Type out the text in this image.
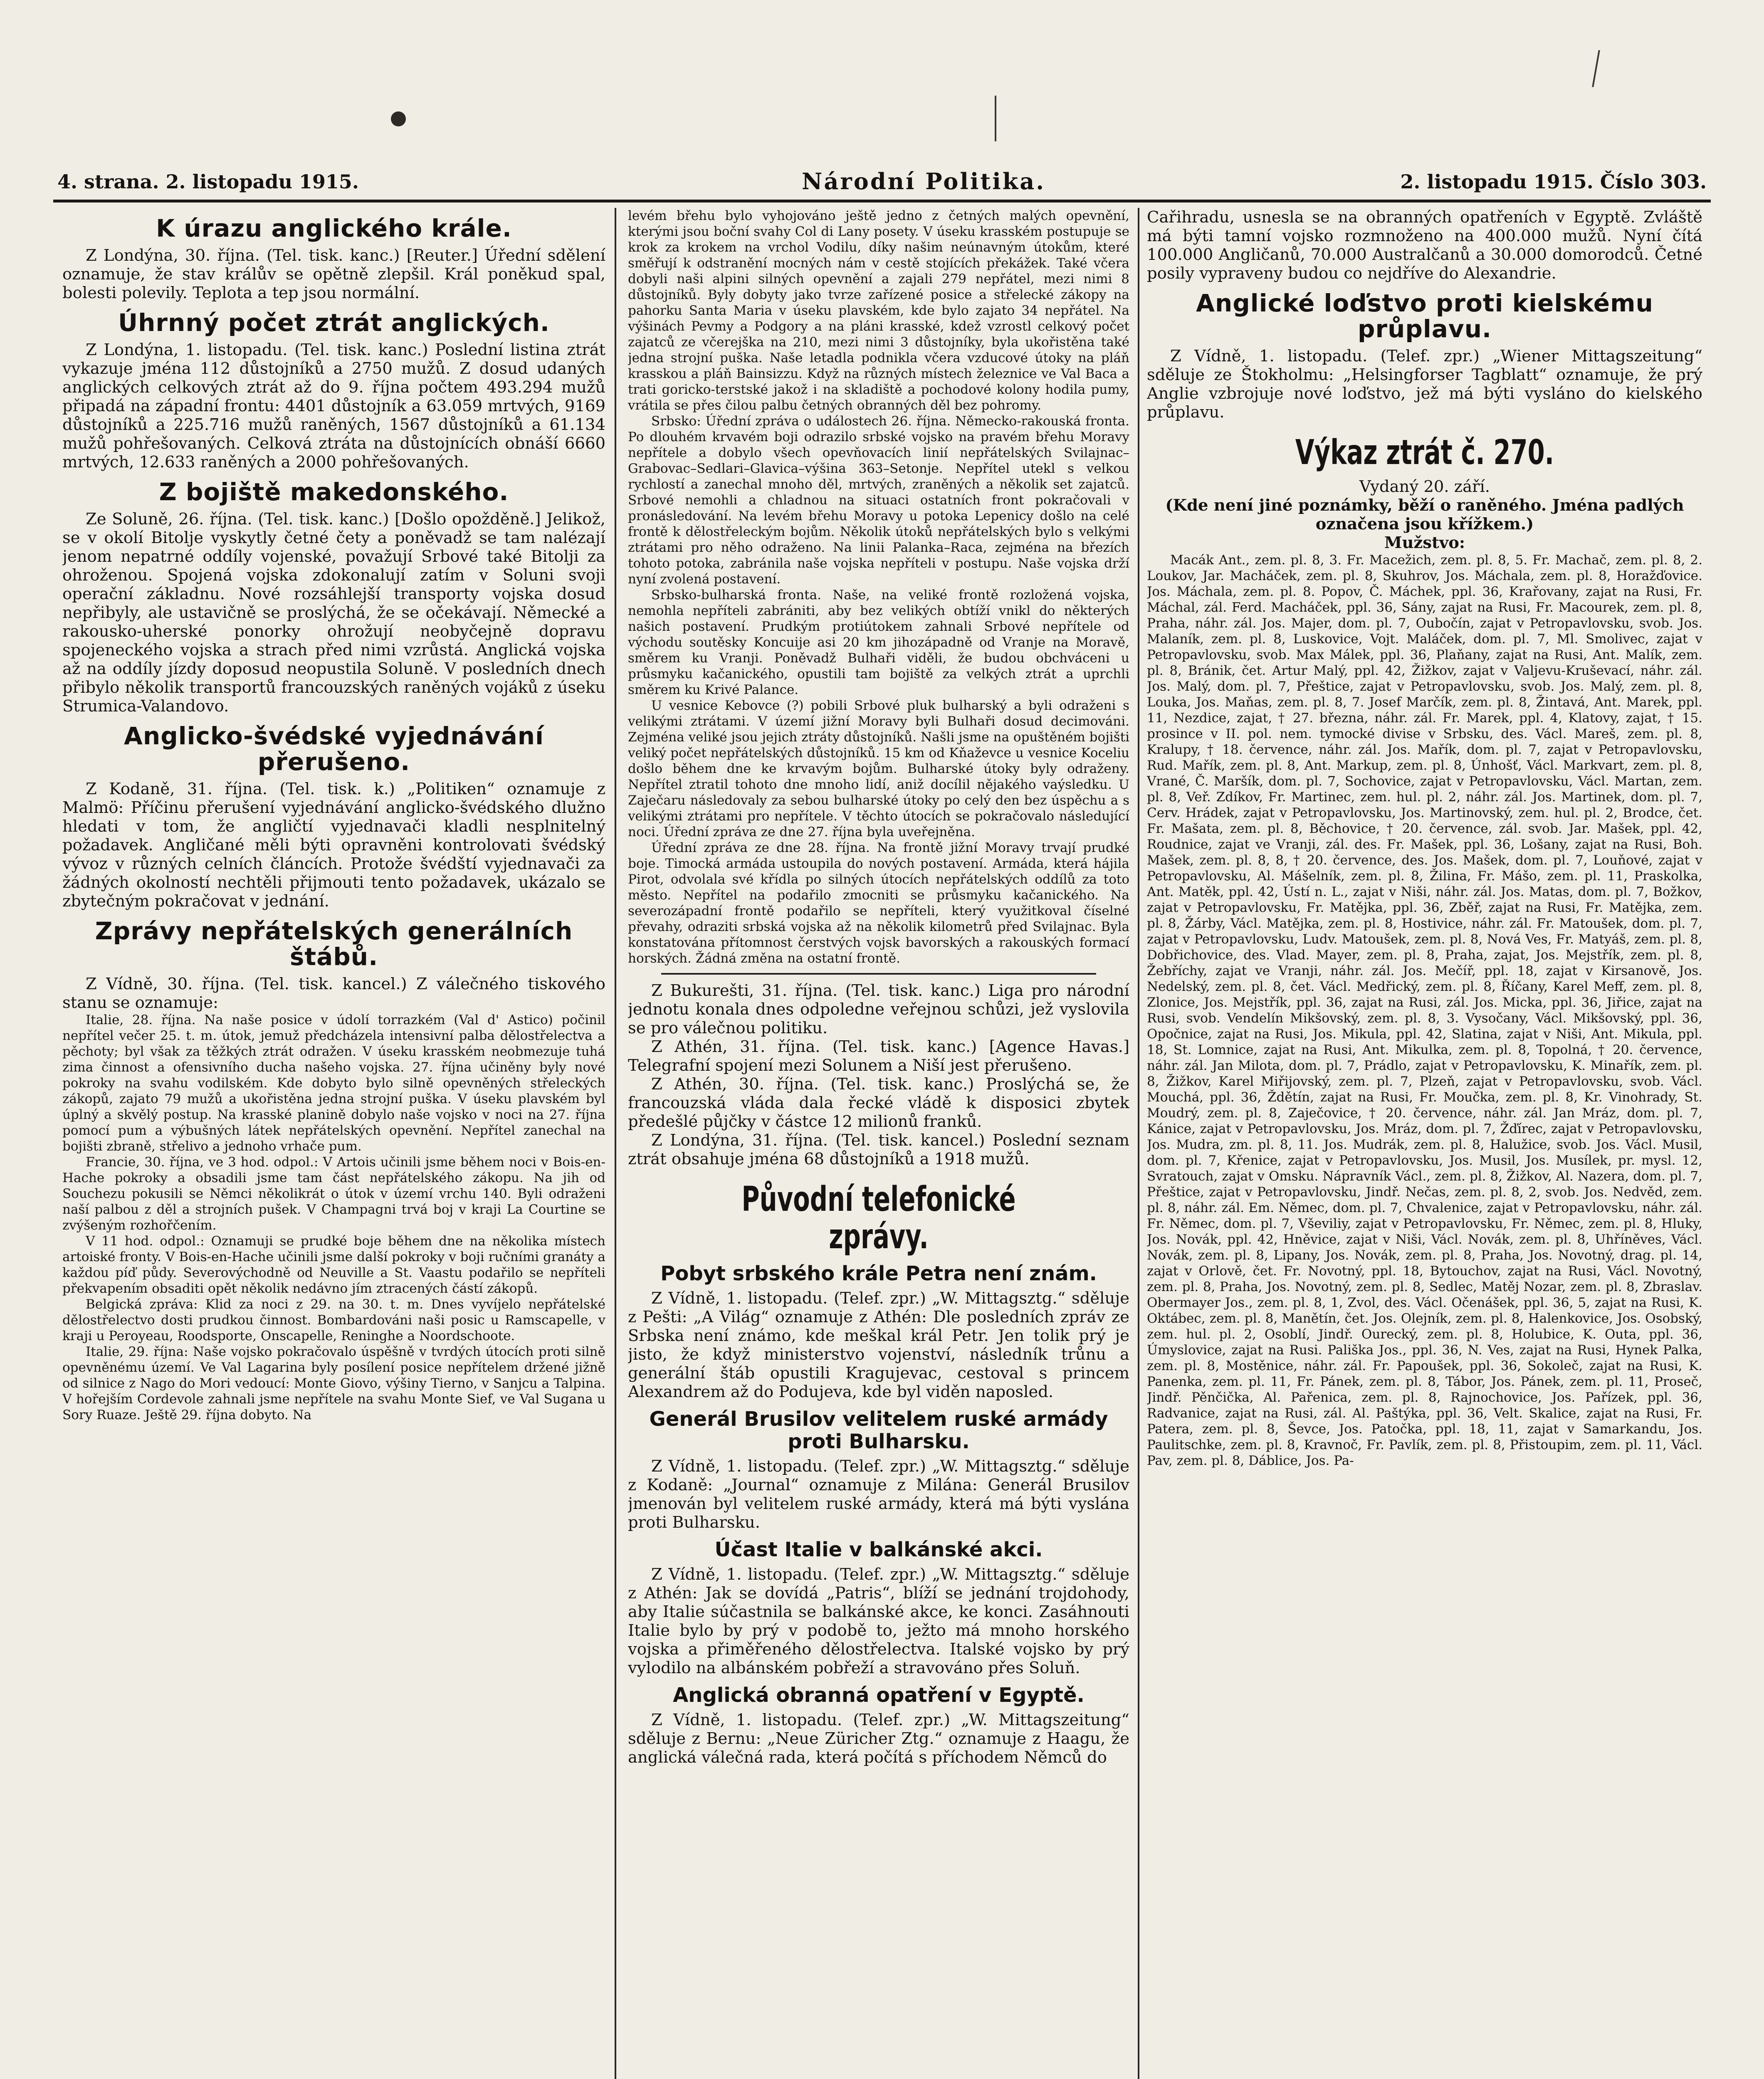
4. strana. 2. listopadu 1915.	Národní Politika.	2. listopadu 1915. Číslo 303.
K úrazu anglického krále.

Z Londýna, 30. října. (Tel. tisk. kanc.) [Reuter.] Úřední sdělení oznamuje, že stav králův se opětně zlepšil. Král poněkud spal, bolesti polevily. Teplota a tep jsou normální.

Úhrnný počet ztrát anglických.

Z Londýna, 1. listopadu. (Tel. tisk. kanc.) Poslední listina ztrát vykazuje jména 112 důstojníků a 2750 mužů. Z dosud udaných anglických celkových ztrát až do 9. října počtem 493.294 mužů připadá na západní frontu: 4401 důstojník a 63.059 mrtvých, 9169 důstojníků a 225.716 mužů raněných, 1567 důstojníků a 61.134 mužů pohřešovaných. Celková ztráta na důstojnících obnáší 6660 mrtvých, 12.633 raněných a 2000 pohřešovaných.

Z bojiště makedonského.

Ze Soluně, 26. října. (Tel. tisk. kanc.) [Došlo opožděně.] Jelikož, se v okolí Bitolje vyskytly četné čety a poněvadž se tam nalézají jenom nepatrné oddíly vojenské, považují Srbové také Bitolji za ohroženou. Spojená vojska zdokonalují zatím v Soluni svoji operační základnu. Nové rozsáhlejší transporty vojska dosud nepřibyly, ale ustavičně se proslýchá, že se očekávají. Německé a rakousko-uherské ponorky ohrožují neobyčejně dopravu spojeneckého vojska a strach před nimi vzrůstá. Anglická vojska až na oddíly jízdy doposud neopustila Soluně. V posledních dnech přibylo několik transportů francouzských raněných vojáků z úseku Strumica-Valandovo.

Anglicko-švédské vyjednávání přerušeno.

Z Kodaně, 31. října. (Tel. tisk. k.) „Politiken“ oznamuje z Malmö: Příčinu přerušení vyjednávání anglicko-švédského dlužno hledati v tom, že angličtí vyjednavači kladli nesplnitelný požadavek. Angličané měli býti opravněni kontrolovati švédský vývoz v různých celních článcích. Protože švédští vyjednavači za žádných okolností nechtěli přijmouti tento požadavek, ukázalo se zbytečným pokračovat v jednání.

Zprávy nepřátelských generálních štábů.

Z Vídně, 30. října. (Tel. tisk. kancel.) Z válečného tiskového stanu se oznamuje:

Italie, 28. října. Na naše posice v údolí torrazkém (Val d' Astico) počinil nepřítel večer 25. t. m. útok, jemuž předcházela intensivní palba dělostřelectva a pěchoty; byl však za těžkých ztrát odražen. V úseku krasském neobmezuje tuhá zima činnost a ofensivního ducha našeho vojska. 27. října učiněny byly nové pokroky na svahu vodilském. Kde dobyto bylo silně opevněných střeleckých zákopů, zajato 79 mužů a ukořistěna jedna strojní puška. V úseku plavském byl úplný a skvělý postup. Na krasské planině dobylo naše vojsko v noci na 27. října pomocí pum a výbušných látek nepřátelských opevnění. Nepřítel zanechal na bojišti zbraně, střelivo a jednoho vrhače pum.

Francie, 30. října, ve 3 hod. odpol.: V Artois učinili jsme během noci v Bois-en-Hache pokroky a obsadili jsme tam část nepřátelského zákopu. Na jih od Souchezu pokusili se Němci několikrát o útok v území vrchu 140. Byli odraženi naší palbou z děl a strojních pušek. V Champagni trvá boj v kraji La Courtine se zvýšeným rozhořčením.

V 11 hod. odpol.: Oznamuji se prudké boje během dne na několika místech artoiské fronty. V Bois-en-Hache učinili jsme další pokroky v boji ručními granáty a každou píď půdy. Severovýchodně od Neuville a St. Vaastu podařilo se nepříteli překvapením obsaditi opět několik nedávno jím ztracených částí zákopů.

Belgická zpráva: Klid za noci z 29. na 30. t. m. Dnes vyvíjelo nepřátelské dělostřelectvo dosti prudkou činnost. Bombardováni naši posic u Ramscapelle, v kraji u Peroyeau, Roodsporte, Onscapelle, Reninghe a Noordschoote.

Italie, 29. října: Naše vojsko pokračovalo úspěšně v tvrdých útocích proti silně opevněnému území. Ve Val Lagarina byly posílení posice nepřítelem držené jižně od silnice z Nago do Mori vedoucí: Monte Giovo, výšiny Tierno, v Sanjcu a Talpina. V hořejším Cordevole zahnali jsme nepřítele na svahu Monte Sief, ve Val Sugana u Sory Ruaze. Ještě 29. října dobyto. Na

levém břehu bylo vyhojováno ještě jedno z četných malých opevnění, kterými jsou boční svahy Col di Lany posety. V úseku krasském postupuje se krok za krokem na vrchol Vodilu, díky našim neúnavným útokům, které směřují k odstranění mocných nám v cestě stojících překážek. Také včera dobyli naši alpini silných opevnění a zajali 279 nepřátel, mezi nimi 8 důstojníků. Byly dobyty jako tvrze zařízené posice a střelecké zákopy na pahorku Santa Maria v úseku plavském, kde bylo zajato 34 nepřátel. Na výšinách Pevmy a Podgory a na pláni krasské, kdež vzrostl celkový počet zajatců ze včerejška na 210, mezi nimi 3 důstojníky, byla ukořistěna také jedna strojní puška. Naše letadla podnikla včera vzducové útoky na pláň krasskou a pláň Bainsizzu. Když na různých místech železnice ve Val Baca a trati goricko-terstské jakož i na skladiště a pochodové kolony hodila pumy, vrátila se přes čilou palbu četných obranných děl bez pohromy.

Srbsko: Úřední zpráva o událostech 26. října. Německo-rakouská fronta. Po dlouhém krvavém boji odrazilo srbské vojsko na pravém břehu Moravy nepřítele a dobylo všech opevňovacích linií nepřátelských Svilajnac–Grabovac–Sedlari–Glavica–výšina 363–Setonje. Nepřítel utekl s velkou rychlostí a zanechal mnoho děl, mrtvých, zraněných a několik set zajatců. Srbové nemohli a chladnou na situaci ostatních front pokračovali v pronásledování. Na levém břehu Moravy u potoka Lepenicy došlo na celé frontě k dělostřeleckým bojům. Několik útoků nepřátelských bylo s velkými ztrátami pro něho odraženo. Na linii Palanka–Raca, zejména na březích tohoto potoka, zabránila naše vojska nepříteli v postupu. Naše vojska drží nyní zvolená postavení.

Srbsko-bulharská fronta. Naše, na veliké frontě rozložená vojska, nemohla nepříteli zabrániti, aby bez velikých obtíží vnikl do některých našich postavení. Prudkým protiútokem zahnali Srbové nepřítele od východu soutěsky Koncuije asi 20 km jihozápadně od Vranje na Moravě, směrem ku Vranji. Poněvadž Bulhaři viděli, že budou obchváceni u průsmyku kačanického, opustili tam bojiště za velkých ztrát a uprchli směrem ku Krivé Palance.

U vesnice Kebovce (?) pobili Srbové pluk bulharský a byli odraženi s velikými ztrátami. V území jižní Moravy byli Bulhaři dosud decimováni. Zejména veliké jsou jejich ztráty důstojníků. Našli jsme na opuštěném bojišti veliký počet nepřátelských důstojníků. 15 km od Kňaževce u vesnice Koceliu došlo během dne ke krvavým bojům. Bulharské útoky byly odraženy. Nepřítel ztratil tohoto dne mnoho lidí, aniž docílil nějakého vaýsledku. U Zaječaru následovaly za sebou bulharské útoky po celý den bez úspěchu a s velikými ztrátami pro nepřítele. V těchto útocích se pokračovalo následující noci. Úřední zpráva ze dne 27. října byla uveřejněna.

Úřední zpráva ze dne 28. října. Na frontě jižní Moravy trvají prudké boje. Timocká armáda ustoupila do nových postavení. Armáda, která hájila Pirot, odvolala své křídla po silných útocích nepřátelských oddílů za toto město. Nepřítel na podařilo zmocniti se průsmyku kačanického. Na severozápadní frontě podařilo se nepříteli, který využitkoval číselné převahy, odraziti srbská vojska až na několik kilometrů před Svilajnac. Byla konstatována přítomnost čerstvých vojsk bavorských a rakouských formací horských. Žádná změna na ostatní frontě.

Z Bukurešti, 31. října. (Tel. tisk. kanc.) Liga pro národní jednotu konala dnes odpoledne veřejnou schůzi, jež vyslovila se pro válečnou politiku.

Z Athén, 31. října. (Tel. tisk. kanc.) [Agence Havas.] Telegrafní spojení mezi Solunem a Niší jest přerušeno.

Z Athén, 30. října. (Tel. tisk. kanc.) Proslýchá se, že francouzská vláda dala řecké vládě k disposici zbytek předešlé půjčky v částce 12 milionů franků.

Z Londýna, 31. října. (Tel. tisk. kancel.) Poslední seznam ztrát obsahuje jména 68 důstojníků a 1918 mužů.

Původní telefonické zprávy.
Pobyt srbského krále Petra není znám.

Z Vídně, 1. listopadu. (Telef. zpr.) „W. Mittagsztg.“ sděluje z Pešti: „A Világ“ oznamuje z Athén: Dle posledních zpráv ze Srbska není známo, kde meškal král Petr. Jen tolik prý je jisto, že když ministerstvo vojenství, následník trůnu a generální štáb opustili Kragujevac, cestoval s princem Alexandrem až do Podujeva, kde byl viděn naposled.

Generál Brusilov velitelem ruské armády proti Bulharsku.

Z Vídně, 1. listopadu. (Telef. zpr.) „W. Mittagsztg.“ sděluje z Kodaně: „Journal“ oznamuje z Milána: Generál Brusilov jmenován byl velitelem ruské armády, která má býti vyslána proti Bulharsku.

Účast Italie v balkánské akci.

Z Vídně, 1. listopadu. (Telef. zpr.) „W. Mittagsztg.“ sděluje z Athén: Jak se dovídá „Patris“, blíží se jednání trojdohody, aby Italie súčastnila se balkánské akce, ke konci. Zasáhnouti Italie bylo by prý v podobě to, ježto má mnoho horského vojska a přiměřeného dělostřelectva. Italské vojsko by prý vylodilo na albánském pobřeží a stravováno přes Soluň.

Anglická obranná opatření v Egyptě.

Z Vídně, 1. listopadu. (Telef. zpr.) „W. Mittagszeitung“ sděluje z Bernu: „Neue Züricher Ztg.“ oznamuje z Haagu, že anglická válečná rada, která počítá s příchodem Němců do

Cařihradu, usnesla se na obranných opatřeních v Egyptě. Zvláště má býti tamní vojsko rozmnoženo na 400.000 mužů. Nyní čítá 100.000 Angličanů, 70.000 Australčanů a 30.000 domorodců. Četné posily vypraveny budou co nejdříve do Alexandrie.

Anglické loďstvo proti kielskému průplavu.

Z Vídně, 1. listopadu. (Telef. zpr.) „Wiener Mittagszeitung“ sděluje ze Štokholmu: „Helsingforser Tagblatt“ oznamuje, že prý Anglie vzbrojuje nové loďstvo, jež má býti vysláno do kielského průplavu.

Výkaz ztrát č. 270.

Vydaný 20. září.

(Kde není jiné poznámky, běží o raněného. Jména padlých označena jsou křížkem.)

Mužstvo:

Macák Ant., zem. pl. 8, 3. Fr. Macežich, zem. pl. 8, 5. Fr. Machač, zem. pl. 8, 2. Loukov, Jar. Macháček, zem. pl. 8, Skuhrov, Jos. Máchala, zem. pl. 8, Horažďovice. Jos. Máchala, zem. pl. 8. Popov, Č. Máchek, ppl. 36, Krařovany, zajat na Rusi, Fr. Máchal, zál. Ferd. Macháček, ppl. 36, Sány, zajat na Rusi, Fr. Macourek, zem. pl. 8, Praha, náhr. zál. Jos. Majer, dom. pl. 7, Oubočín, zajat v Petropavlovsku, svob. Jos. Malaník, zem. pl. 8, Luskovice, Vojt. Maláček, dom. pl. 7, Ml. Smolivec, zajat v Petropavlovsku, svob. Max Málek, ppl. 36, Plaňany, zajat na Rusi, Ant. Malík, zem. pl. 8, Bránik, čet. Artur Malý, ppl. 42, Žižkov, zajat v Valjevu-Kruševací, náhr. zál. Jos. Malý, dom. pl. 7, Přeštice, zajat v Petropavlovsku, svob. Jos. Malý, zem. pl. 8, Louka, Jos. Maňas, zem. pl. 8, 7. Josef Marčík, zem. pl. 8, Žintavá, Ant. Marek, ppl. 11, Nezdice, zajat, † 27. března, náhr. zál. Fr. Marek, ppl. 4, Klatovy, zajat, † 15. prosince v II. pol. nem. tymocké divise v Srbsku, des. Václ. Mareš, zem. pl. 8, Kralupy, † 18. července, náhr. zál. Jos. Mařík, dom. pl. 7, zajat v Petropavlovsku, Rud. Mařík, zem. pl. 8, Ant. Markup, zem. pl. 8, Únhošť, Václ. Markvart, zem. pl. 8, Vrané, Č. Maršík, dom. pl. 7, Sochovice, zajat v Petropavlovsku, Václ. Martan, zem. pl. 8, Veř. Zdíkov, Fr. Martinec, zem. hul. pl. 2, náhr. zál. Jos. Martinek, dom. pl. 7, Cerv. Hrádek, zajat v Petropavlovsku, Jos. Martinovský, zem. hul. pl. 2, Brodce, čet. Fr. Mašata, zem. pl. 8, Běchovice, † 20. července, zál. svob. Jar. Mašek, ppl. 42, Roudnice, zajat ve Vranji, zál. des. Fr. Mašek, ppl. 36, Lošany, zajat na Rusi, Boh. Mašek, zem. pl. 8, 8, † 20. července, des. Jos. Mašek, dom. pl. 7, Louňové, zajat v Petropavlovsku, Al. Mášelník, zem. pl. 8, Žilina, Fr. Mášo, zem. pl. 11, Praskolka, Ant. Matěk, ppl. 42, Ústí n. L., zajat v Niši, náhr. zál. Jos. Matas, dom. pl. 7, Božkov, zajat v Petropavlovsku, Fr. Matějka, ppl. 36, Zběř, zajat na Rusi, Fr. Matějka, zem. pl. 8, Žárby, Václ. Matějka, zem. pl. 8, Hostivice, náhr. zál. Fr. Matoušek, dom. pl. 7, zajat v Petropavlovsku, Ludv. Matoušek, zem. pl. 8, Nová Ves, Fr. Matyáš, zem. pl. 8, Dobřichovice, des. Vlad. Mayer, zem. pl. 8, Praha, zajat, Jos. Mejstřík, zem. pl. 8, Žebříchy, zajat ve Vranji, náhr. zál. Jos. Mečíř, ppl. 18, zajat v Kirsanově, Jos. Nedelský, zem. pl. 8, čet. Václ. Medřický, zem. pl. 8, Říčany, Karel Meff, zem. pl. 8, Zlonice, Jos. Mejstřík, ppl. 36, zajat na Rusi, zál. Jos. Micka, ppl. 36, Jiřice, zajat na Rusi, svob. Vendelín Mikšovský, zem. pl. 8, 3. Vysočany, Václ. Mikšovský, ppl. 36, Opočnice, zajat na Rusi, Jos. Mikula, ppl. 42, Slatina, zajat v Niši, Ant. Mikula, ppl. 18, St. Lomnice, zajat na Rusi, Ant. Mikulka, zem. pl. 8, Topolná, † 20. července, náhr. zál. Jan Milota, dom. pl. 7, Prádlo, zajat v Petropavlovsku, K. Minařík, zem. pl. 8, Žižkov, Karel Miřijovský, zem. pl. 7, Plzeň, zajat v Petropavlovsku, svob. Václ. Mouchá, ppl. 36, Ždětín, zajat na Rusi, Fr. Moučka, zem. pl. 8, Kr. Vinohrady, St. Moudrý, zem. pl. 8, Zaječovice, † 20. července, náhr. zál. Jan Mráz, dom. pl. 7, Kánice, zajat v Petropavlovsku, Jos. Mráz, dom. pl. 7, Žďírec, zajat v Petropavlovsku, Jos. Mudra, zm. pl. 8, 11. Jos. Mudrák, zem. pl. 8, Halužice, svob. Jos. Václ. Musil, dom. pl. 7, Křenice, zajat v Petropavlovsku, Jos. Musil, Jos. Musílek, pr. mysl. 12, Svratouch, zajat v Omsku. Nápravník Václ., zem. pl. 8, Žižkov, Al. Nazera, dom. pl. 7, Přeštice, zajat v Petropavlovsku, Jindř. Nečas, zem. pl. 8, 2, svob. Jos. Nedvěd, zem. pl. 8, náhr. zál. Em. Němec, dom. pl. 7, Chvalenice, zajat v Petropavlovsku, náhr. zál. Fr. Němec, dom. pl. 7, Vševiliy, zajat v Petropavlovsku, Fr. Němec, zem. pl. 8, Hluky, Jos. Novák, ppl. 42, Hněvice, zajat v Niši, Václ. Novák, zem. pl. 8, Uhříněves, Václ. Novák, zem. pl. 8, Lipany, Jos. Novák, zem. pl. 8, Praha, Jos. Novotný, drag. pl. 14, zajat v Orlově, čet. Fr. Novotný, ppl. 18, Bytouchov, zajat na Rusi, Václ. Novotný, zem. pl. 8, Praha, Jos. Novotný, zem. pl. 8, Sedlec, Matěj Nozar, zem. pl. 8, Zbraslav. Obermayer Jos., zem. pl. 8, 1, Zvol, des. Václ. Očenášek, ppl. 36, 5, zajat na Rusi, K. Oktábec, zem. pl. 8, Manětín, čet. Jos. Olejník, zem. pl. 8, Halenkovice, Jos. Osobský, zem. hul. pl. 2, Osoblí, Jindř. Ourecký, zem. pl. 8, Holubice, K. Outa, ppl. 36, Úmyslovice, zajat na Rusi. Pališka Jos., ppl. 36, N. Ves, zajat na Rusi, Hynek Palka, zem. pl. 8, Mostěnice, náhr. zál. Fr. Papoušek, ppl. 36, Sokoleč, zajat na Rusi, K. Panenka, zem. pl. 11, Fr. Pánek, zem. pl. 8, Tábor, Jos. Pánek, zem. pl. 11, Proseč, Jindř. Pěnčička, Al. Pařenica, zem. pl. 8, Rajnochovice, Jos. Pařízek, ppl. 36, Radvanice, zajat na Rusi, zál. Al. Paštýka, ppl. 36, Velt. Skalice, zajat na Rusi, Fr. Patera, zem. pl. 8, Ševce, Jos. Patočka, ppl. 18, 11, zajat v Samarkandu, Jos. Paulitschke, zem. pl. 8, Kravnoč, Fr. Pavlík, zem. pl. 8, Přistoupim, zem. pl. 11, Václ. Pav, zem. pl. 8, Dáblice, Jos. Pa-
